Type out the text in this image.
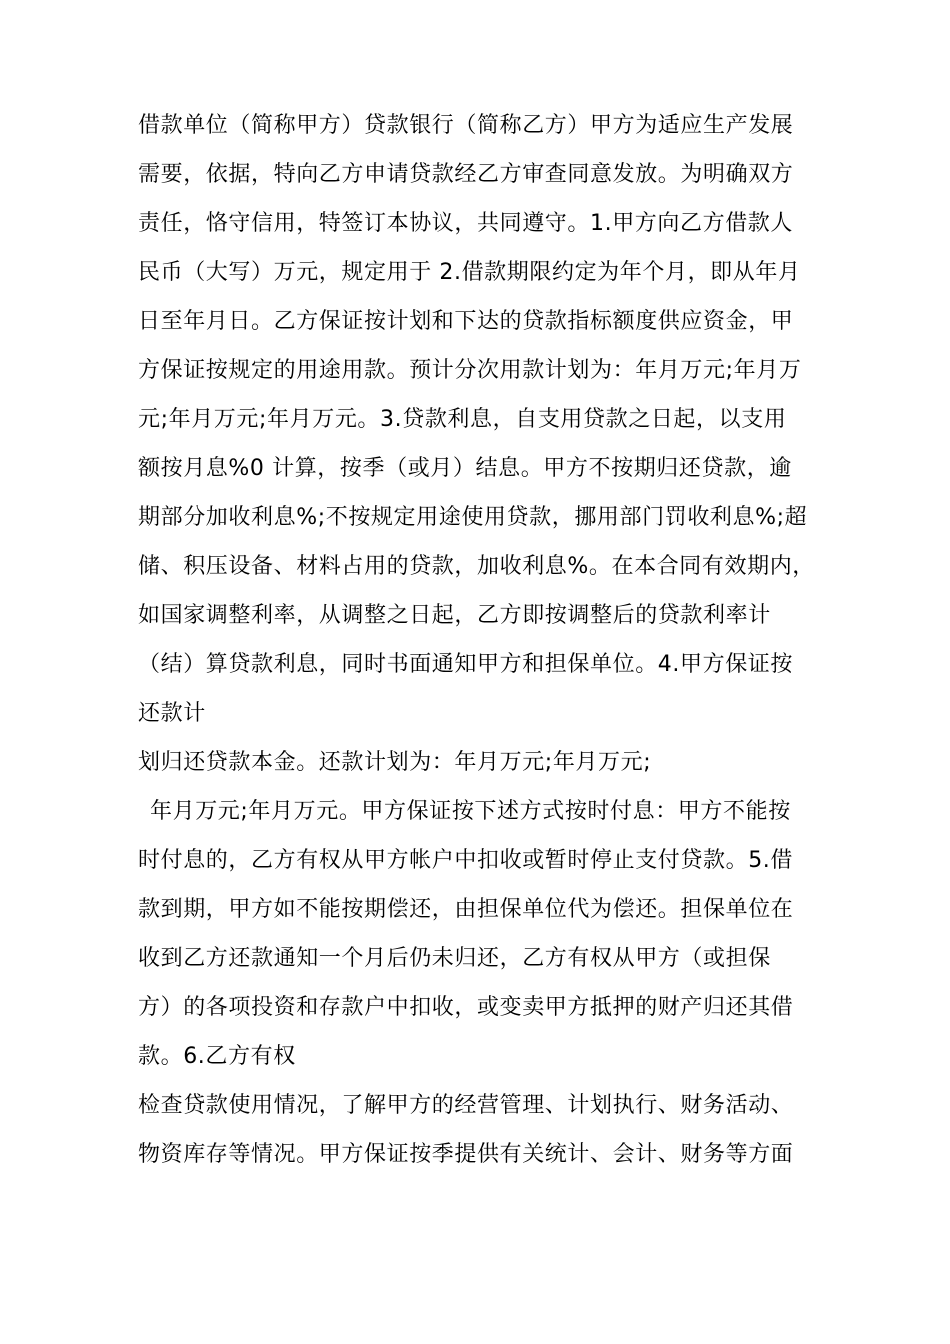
借款单位（简称甲方）贷款银行（简称乙方）甲方为适应生产发展
需要，依据，特向乙方申请贷款经乙方审查同意发放。为明确双方
责任，恪守信用，特签订本协议，共同遵守。1.甲方向乙方借款人
民币（大写）万元，规定用于 2.借款期限约定为年个月，即从年月
日至年月日。乙方保证按计划和下达的贷款指标额度供应资金，甲
方保证按规定的用途用款。预计分次用款计划为：年月万元;年月万
元;年月万元;年月万元。3.贷款利息，自支用贷款之日起，以支用
额按月息%0 计算，按季（或月）结息。甲方不按期归还贷款，逾
期部分加收利息%;不按规定用途使用贷款，挪用部门罚收利息%;超
储、积压设备、材料占用的贷款，加收利息%。在本合同有效期内，
如国家调整利率，从调整之日起，乙方即按调整后的贷款利率计
（结）算贷款利息，同时书面通知甲方和担保单位。4.甲方保证按
还款计
划归还贷款本金。还款计划为：年月万元;年月万元;
年月万元;年月万元。甲方保证按下述方式按时付息：甲方不能按
时付息的，乙方有权从甲方帐户中扣收或暂时停止支付贷款。5.借
款到期，甲方如不能按期偿还，由担保单位代为偿还。担保单位在
收到乙方还款通知一个月后仍未归还，乙方有权从甲方（或担保
方）的各项投资和存款户中扣收，或变卖甲方抵押的财产归还其借
款。6.乙方有权
检查贷款使用情况，了解甲方的经营管理、计划执行、财务活动、
物资库存等情况。甲方保证按季提供有关统计、会计、财务等方面
